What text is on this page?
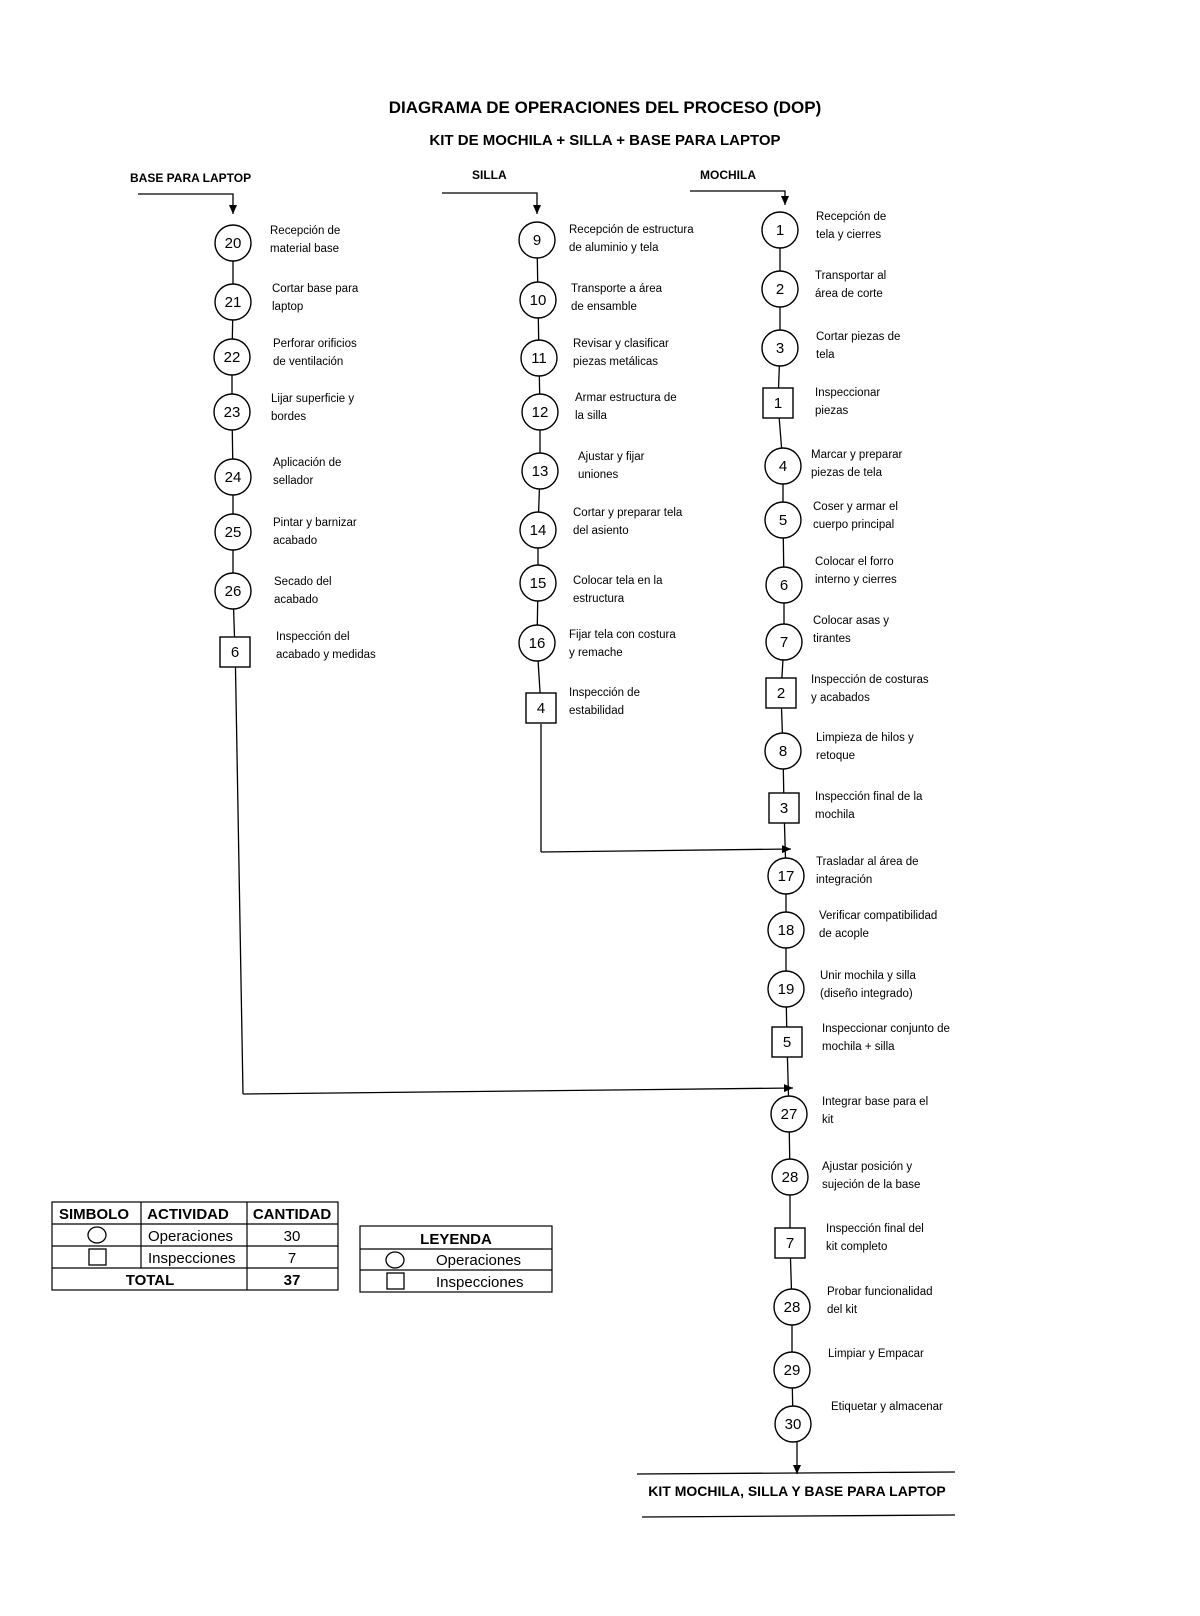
DIAGRAMA DE OPERACIONES DEL PROCESO (DOP)
KIT DE MOCHILA + SILLA + BASE PARA LAPTOP
BASE PARA LAPTOP	SILLA	MOCHILA
20
Recepción de
material base
21
Cortar base para
laptop
22
Perforar orificios
de ventilación
23
Lijar superficie y
bordes
24
Aplicación de
sellador
25
Pintar y barnizar
acabado
26
Secado del
acabado
6
Inspección del
acabado y medidas
9
Recepción de estructura
de aluminio y tela
10
Transporte a área
de ensamble
11
Revisar y clasificar
piezas metálicas
12
Armar estructura de
la silla
13
Ajustar y fijar
uniones
14
Cortar y preparar tela
del asiento
15 Colocar tela en la
estructura
16 Fijar tela con costura
y remache
4
Inspección de
estabilidad
1
Recepción de
tela y cierres
2
Transportar al
área de corte
3
Cortar piezas de
tela
1
Inspeccionar
piezas
4
Marcar y preparar
piezas de tela
5
Coser y armar el
cuerpo principal
6
Colocar el forro
interno y cierres
7
Colocar asas y
tirantes
2
Inspección de costuras
y acabados
8
Limpieza de hilos y
retoque
3
Inspección final de la
mochila
17
Trasladar al área de
integración
18
Verificar compatibilidad
de acople
19
Unir mochila y silla
(diseño integrado)
5
Inspeccionar conjunto de
mochila + silla
27
Integrar base para el
kit
28
Ajustar posición y
sujeción de la base
7
Inspección final del
kit completo
28
Probar funcionalidad
del kit
29
Limpiar y Empacar
30
Etiquetar y almacenar
KIT MOCHILA, SILLA Y BASE PARA LAPTOP
SIMBOLO ACTIVIDAD CANTIDAD
Operaciones	30
Inspecciones	7
TOTAL	37
LEYENDA
Operaciones
Inspecciones
